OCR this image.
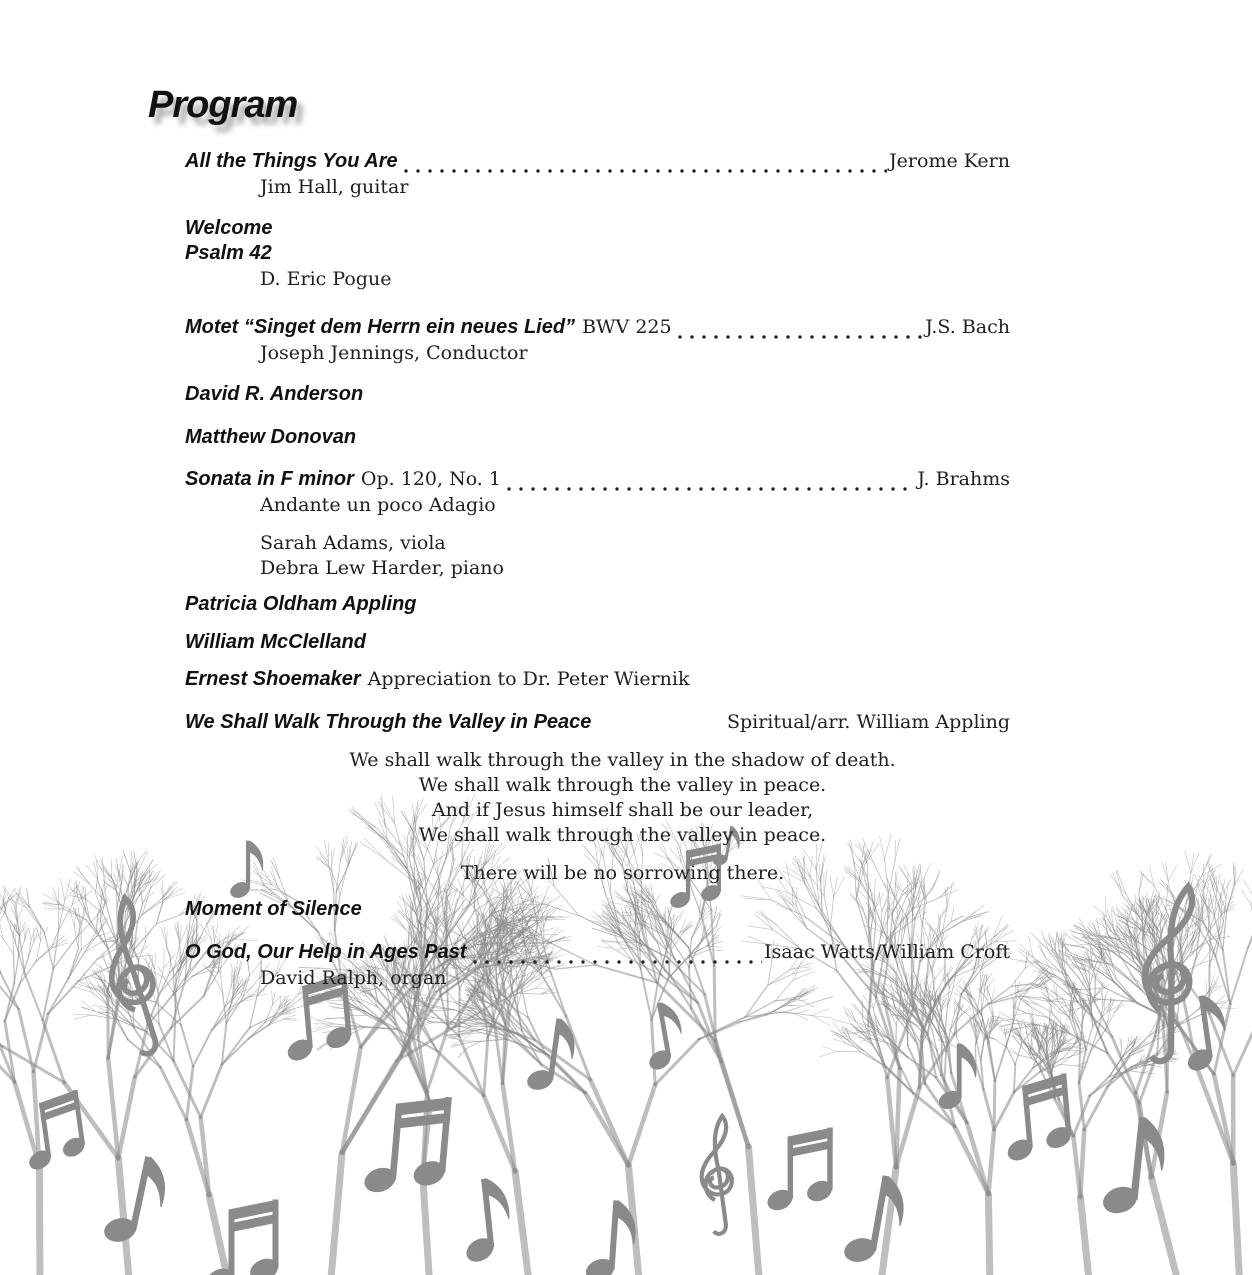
Program
All the Things You Are	Jerome Kern
Jim Hall, guitar
Welcome
Psalm 42
D. Eric Pogue
Motet “Singet dem Herrn ein neues Lied” BWV 225	J.S. Bach
Joseph Jennings, Conductor
David R. Anderson
Matthew Donovan
Sonata in F minor Op. 120, No. 1	J. Brahms
Andante un poco Adagio
Sarah Adams, viola
Debra Lew Harder, piano
Patricia Oldham Appling
William McClelland
Ernest Shoemaker Appreciation to Dr. Peter Wiernik
We Shall Walk Through the Valley in Peace	Spiritual/arr. William Appling
We shall walk through the valley in the shadow of death.
We shall walk through the valley in peace.
And if Jesus himself shall be our leader,
We shall walk through the valley in peace.
There will be no sorrowing there.
Moment of Silence
O God, Our Help in Ages Past	Isaac Watts/William Croft
David Ralph, organ
